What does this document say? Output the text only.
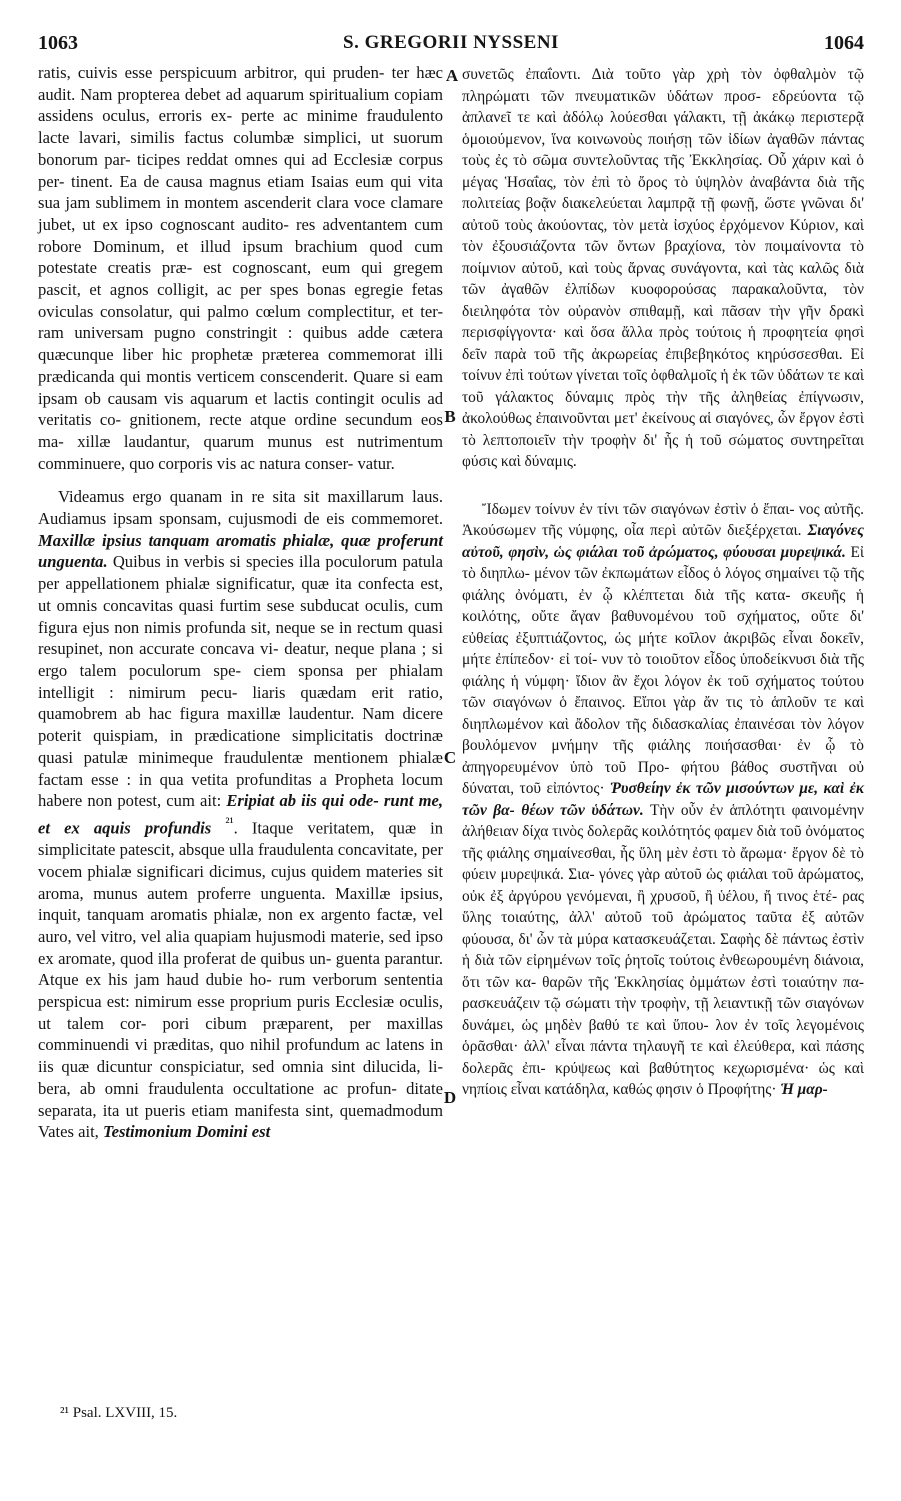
1063	S. GREGORII NYSSENI	1064

ratis, cuivis esse perspicuum arbitror, qui pruden- ter hæc audit. Nam propterea debet ad aquarum spiritualium copiam assidens oculus, erroris ex- perte ac minime fraudulento lacte lavari, similis factus columbæ simplici, ut suorum bonorum par- ticipes reddat omnes qui ad Ecclesiæ corpus per- tinent. Ea de causa magnus etiam Isaias eum qui vita sua jam sublimem in montem ascenderit clara voce clamare jubet, ut ex ipso cognoscant audito- res adventantem cum robore Dominum, et illud ipsum brachium quod cum potestate creatis præ- est cognoscant, eum qui gregem pascit, et agnos colligit, ac per spes bonas egregie fetas oviculas consolatur, qui palmo cœlum complectitur, et ter- ram universam pugno constringit : quibus adde cætera quæcunque liber hic prophetæ præterea commemorat illi prædicanda qui montis verticem conscenderit. Quare si eam ipsam ob causam vis aquarum et lactis contingit oculis ad veritatis co- gnitionem, recte atque ordine secundum eos ma- xillæ laudantur, quarum munus est nutrimentum comminuere, quo corporis vis ac natura conser- vatur.

Videamus ergo quanam in re sita sit maxillarum laus. Audiamus ipsam sponsam, cujusmodi de eis commemoret. Maxillæ ipsius tanquam aromatis phialæ, quæ proferunt unguenta. Quibus in verbis si species illa poculorum patula per appellationem phialæ significatur, quæ ita confecta est, ut omnis concavitas quasi furtim sese subducat oculis, cum figura ejus non nimis profunda sit, neque se in rectum quasi resupinet, non accurate concava vi- deatur, neque plana ; si ergo talem poculorum spe- ciem sponsa per phialam intelligit : nimirum pecu- liaris quædam erit ratio, quamobrem ab hac figura maxillæ laudentur. Nam dicere poterit quispiam, in prædicatione simplicitatis doctrinæ quasi patulæ minimeque fraudulentæ mentionem phialæ factam esse : in qua vetita profunditas a Propheta locum habere non potest, cum ait: Eripiat ab iis qui ode- runt me, et ex aquis profundis $^{^{21}}$. Itaque veritatem, quæ in simplicitate patescit, absque ulla fraudulenta concavitate, per vocem phialæ significari dicimus, cujus quidem materies sit aroma, munus autem proferre unguenta. Maxillæ ipsius, inquit, tanquam aromatis phialæ, non ex argento factæ, vel auro, vel vitro, vel alia quapiam hujusmodi materie, sed ipso ex aromate, quod illa proferat de quibus un- guenta parantur. Atque ex his jam haud dubie ho- rum verborum sententia perspicua est: nimirum esse proprium puris Ecclesiæ oculis, ut talem cor- pori cibum præparent, per maxillas comminuendi vi præditas, quo nihil profundum ac latens in iis quæ dicuntur conspiciatur, sed omnia sint dilucida, li- bera, ab omni fraudulenta occultatione ac profun- ditate separata, ita ut pueris etiam manifesta sint, quemadmodum Vates ait, Testimonium Domini est

A
B
C
D

συνετῶς ἐπαΐοντι. Διὰ τοῦτο γὰρ χρὴ τὸν ὀφθαλμὸν τῷ πληρώματι τῶν πνευματικῶν ὑδάτων προσ- εδρεύοντα τῷ ἀπλανεῖ τε καὶ ἀδόλῳ λούεσθαι γάλακτι, τῇ ἀκάκῳ περιστερᾷ ὁμοιούμενον, ἵνα κοινωνοὺς ποιήσῃ τῶν ἰδίων ἀγαθῶν πάντας τοὺς ἐς τὸ σῶμα συντελοῦντας τῆς Ἐκκλησίας. Οὗ χάριν καὶ ὁ μέγας Ἡσαΐας, τὸν ἐπὶ τὸ ὄρος τὸ ὑψηλὸν ἀναβάντα διὰ τῆς πολιτείας βοᾷν διακελεύεται λαμπρᾷ τῇ φωνῇ, ὥστε γνῶναι δι' αὐτοῦ τοὺς ἀκούοντας, τὸν μετὰ ἰσχύος ἐρχόμενον Κύριον, καὶ τὸν ἐξουσιάζοντα τῶν ὄντων βραχίονα, τὸν ποιμαίνοντα τὸ ποίμνιον αὐτοῦ, καὶ τοὺς ἄρνας συνάγοντα, καὶ τὰς καλῶς διὰ τῶν ἀγαθῶν ἐλπίδων κυοφορούσας παρακαλοῦντα, τὸν διειληφότα τὸν οὐρανὸν σπιθαμῇ, καὶ πᾶσαν τὴν γῆν δρακὶ περισφίγγοντα· καὶ ὅσα ἄλλα πρὸς τούτοις ἡ προφητεία φησὶ δεῖν παρὰ τοῦ τῆς ἀκρωρείας ἐπιβεβηκότος κηρύσσεσθαι. Εἰ τοίνυν ἐπὶ τούτων γίνεται τοῖς ὀφθαλμοῖς ἡ ἐκ τῶν ὑδάτων τε καὶ τοῦ γάλακτος δύναμις πρὸς τὴν τῆς ἀληθείας ἐπίγνωσιν, ἀκολούθως ἐπαινοῦνται μετ' ἐκείνους αἱ σιαγόνες, ὧν ἔργον ἐστὶ τὸ λεπτοποιεῖν τὴν τροφὴν δι' ἧς ἡ τοῦ σώματος συντηρεῖται φύσις καὶ δύναμις.

Ἴδωμεν τοίνυν ἐν τίνι τῶν σιαγόνων ἐστὶν ὁ ἔπαι- νος αὐτῆς. Ἀκούσωμεν τῆς νύμφης, οἷα περὶ αὐτῶν διεξέρχεται. Σιαγόνες αὐτοῦ, φησὶν, ὡς φιάλαι τοῦ ἀρώματος, φύουσαι μυρεψικά. Εἰ τὸ διηπλω- μένον τῶν ἐκπωμάτων εἶδος ὁ λόγος σημαίνει τῷ τῆς φιάλης ὀνόματι, ἐν ᾧ κλέπτεται διὰ τῆς κατα- σκευῆς ἡ κοιλότης, οὔτε ἄγαν βαθυνομένου τοῦ σχήματος, οὔτε δι' εὐθείας ἐξυπτιάζοντος, ὡς μήτε κοῖλον ἀκριβῶς εἶναι δοκεῖν, μήτε ἐπίπεδον· εἰ τοί- νυν τὸ τοιοῦτον εἶδος ὑποδείκνυσι διὰ τῆς φιάλης ἡ νύμφη· ἴδιον ἂν ἔχοι λόγον ἐκ τοῦ σχήματος τούτου τῶν σιαγόνων ὁ ἔπαινος. Εἴποι γὰρ ἄν τις τὸ ἁπλοῦν τε καὶ διηπλωμένον καὶ ἄδολον τῆς διδασκαλίας ἐπαινέσαι τὸν λόγον βουλόμενον μνήμην τῆς φιάλης ποιήσασθαι· ἐν ᾧ τὸ ἀπηγορευμένον ὑπὸ τοῦ Προ- φήτου βάθος συστῆναι οὐ δύναται, τοῦ εἰπόντος· Ῥυσθείην ἐκ τῶν μισούντων με, καὶ ἐκ τῶν βα- θέων τῶν ὑδάτων. Τὴν οὖν ἐν ἁπλότητι φαινομένην ἀλήθειαν δίχα τινὸς δολερᾶς κοιλότητός φαμεν διὰ τοῦ ὀνόματος τῆς φιάλης σημαίνεσθαι, ἧς ὕλη μὲν ἐστι τὸ ἄρωμα· ἔργον δὲ τὸ φύειν μυρεψικά. Σια- γόνες γὰρ αὐτοῦ ὡς φιάλαι τοῦ ἀρώματος, οὐκ ἐξ ἀργύρου γενόμεναι, ἢ χρυσοῦ, ἢ ὑέλου, ἤ τινος ἑτέ- ρας ὕλης τοιαύτης, ἀλλ' αὐτοῦ τοῦ ἀρώματος ταῦτα ἐξ αὐτῶν φύουσα, δι' ὧν τὰ μύρα κατασκευάζεται. Σαφὴς δὲ πάντως ἐστὶν ἡ διὰ τῶν εἰρημένων τοῖς ῥητοῖς τούτοις ἐνθεωρουμένη διάνοια, ὅτι τῶν κα- θαρῶν τῆς Ἐκκλησίας ὀμμάτων ἐστὶ τοιαύτην πα- ρασκευάζειν τῷ σώματι τὴν τροφὴν, τῇ λειαντικῇ τῶν σιαγόνων δυνάμει, ὡς μηδὲν βαθύ τε καὶ ὕπου- λον ἐν τοῖς λεγομένοις ὁρᾶσθαι· ἀλλ' εἶναι πάντα τηλαυγῆ τε καὶ ἐλεύθερα, καὶ πάσης δολερᾶς ἐπι- κρύψεως καὶ βαθύτητος κεχωρισμένα· ὡς καὶ νηπίοις εἶναι κατάδηλα, καθώς φησιν ὁ Προφήτης· Ἡ μαρ-

²¹ Psal. LXVIII, 15.
